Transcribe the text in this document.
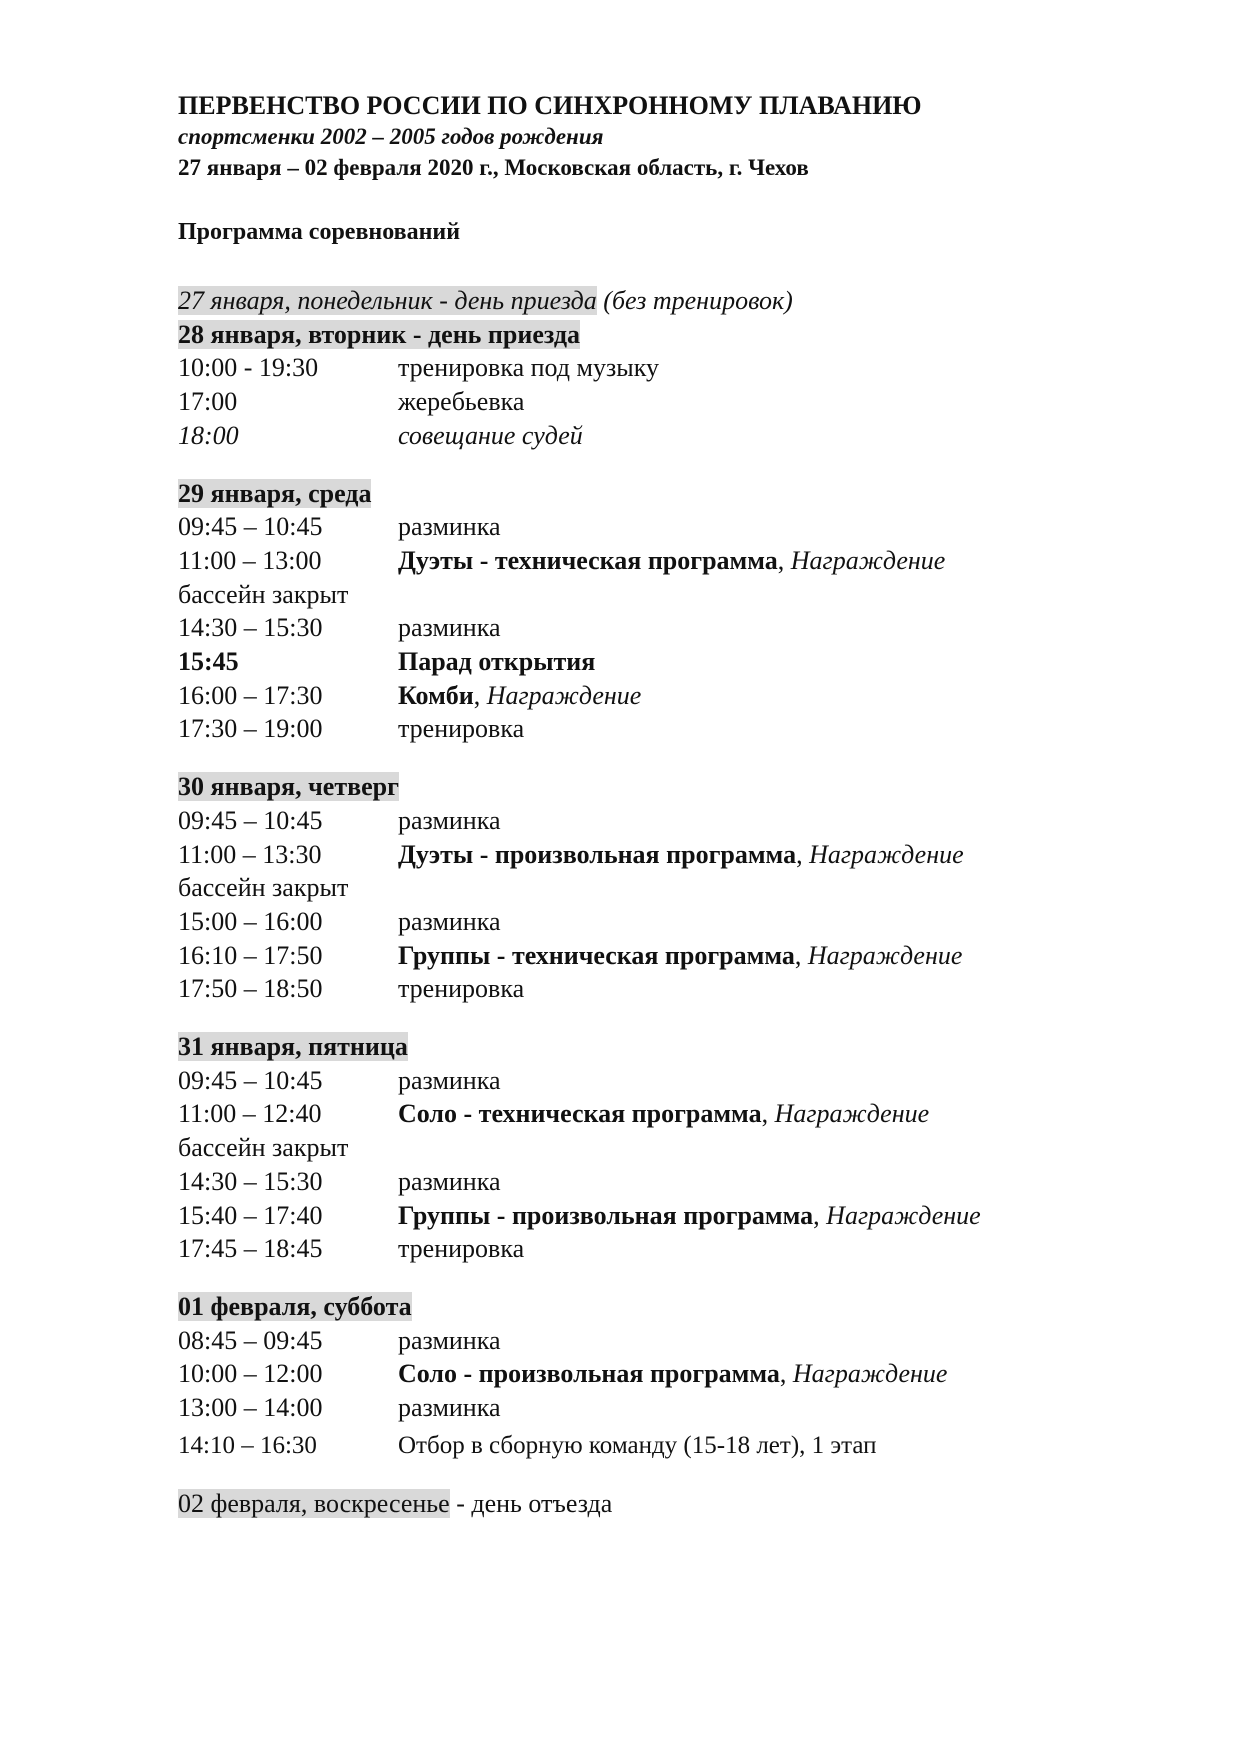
ПЕРВЕНСТВО РОССИИ ПО СИНХРОННОМУ ПЛАВАНИЮ
спортсменки 2002 – 2005 годов рождения
27 января – 02 февраля 2020 г., Московская область, г. Чехов
Программа соревнований
27 января, понедельник - день приезда (без тренировок)
28 января, вторник - день приезда
10:00 - 19:30	тренировка под музыку
17:00	жеребьевка
18:00	совещание судей
29 января, среда
09:45 – 10:45	разминка
11:00 – 13:00	Дуэты - техническая программа, Награждение
бассейн закрыт
14:30 – 15:30	разминка
15:45	Парад открытия
16:00 – 17:30	Комби, Награждение
17:30 – 19:00	тренировка
30 января, четверг
09:45 – 10:45	разминка
11:00 – 13:30	Дуэты - произвольная программа, Награждение
бассейн закрыт
15:00 – 16:00	разминка
16:10 – 17:50	Группы - техническая программа, Награждение
17:50 – 18:50	тренировка
31 января, пятница
09:45 – 10:45	разминка
11:00 – 12:40	Соло - техническая программа, Награждение
бассейн закрыт
14:30 – 15:30	разминка
15:40 – 17:40	Группы - произвольная программа, Награждение
17:45 – 18:45	тренировка
01 февраля, суббота
08:45 – 09:45	разминка
10:00 – 12:00	Соло - произвольная программа, Награждение
13:00 – 14:00	разминка
14:10 – 16:30	Отбор в сборную команду (15-18 лет), 1 этап
02 февраля, воскресенье - день отъезда
